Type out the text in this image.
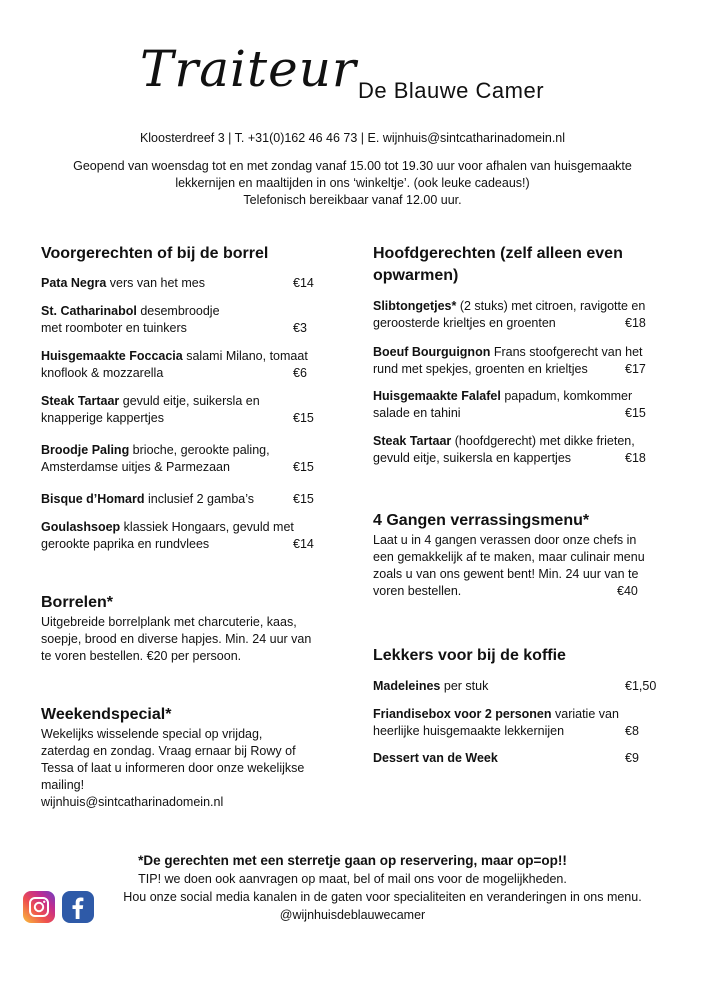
Traiteur De Blauwe Camer
Kloosterdreef 3 | T. +31(0)162 46 46 73 | E. wijnhuis@sintcatharinadomein.nl
Geopend van woensdag tot en met zondag vanaf 15.00 tot 19.30 uur voor afhalen van huisgemaakte
lekkernijen en maaltijden in ons ‘winkeltje’. (ook leuke cadeaus!)
Telefonisch bereikbaar vanaf 12.00 uur.
Voorgerechten of bij de borrel
Pata Negra vers van het mes	€14
St. Catharinabol desembroodje
met roomboter en tuinkers	€3
Huisgemaakte Foccacia salami Milano, tomaat
knoflook & mozzarella	€6
Steak Tartaar gevuld eitje, suikersla en
knapperige kappertjes	€15
Broodje Paling brioche, gerookte paling,
Amsterdamse uitjes & Parmezaan	€15
Bisque d’Homard inclusief 2 gamba’s	€15
Goulashsoep klassiek Hongaars, gevuld met
gerookte paprika en rundvlees	€14
Borrelen*
Uitgebreide borrelplank met charcuterie, kaas,
soepje, brood en diverse hapjes. Min. 24 uur van
te voren bestellen. €20 per persoon.
Weekendspecial*
Wekelijks wisselende special op vrijdag,
zaterdag en zondag. Vraag ernaar bij Rowy of
Tessa of laat u informeren door onze wekelijkse
mailing!
wijnhuis@sintcatharinadomein.nl
Hoofdgerechten (zelf alleen even
opwarmen)
Slibtongetjes* (2 stuks) met citroen, ravigotte en
geroosterde krieltjes en groenten	€18
Boeuf Bourguignon Frans stoofgerecht van het
rund met spekjes, groenten en krieltjes	€17
Huisgemaakte Falafel papadum, komkommer
salade en tahini	€15
Steak Tartaar (hoofdgerecht) met dikke frieten,
gevuld eitje, suikersla en kappertjes	€18
4 Gangen verrassingsmenu*
Laat u in 4 gangen verassen door onze chefs in
een gemakkelijk af te maken, maar culinair menu
zoals u van ons gewent bent! Min. 24 uur van te
voren bestellen.	€40
Lekkers voor bij de koffie
Madeleines per stuk	€1,50
Friandisebox voor 2 personen variatie van
heerlijke huisgemaakte lekkernijen	€8
Dessert van de Week	€9
*De gerechten met een sterretje gaan op reservering, maar op=op!!
TIP! we doen ook aanvragen op maat, bel of mail ons voor de mogelijkheden.
Hou onze social media kanalen in de gaten voor specialiteiten en veranderingen in ons menu.
@wijnhuisdeblauwecamer
